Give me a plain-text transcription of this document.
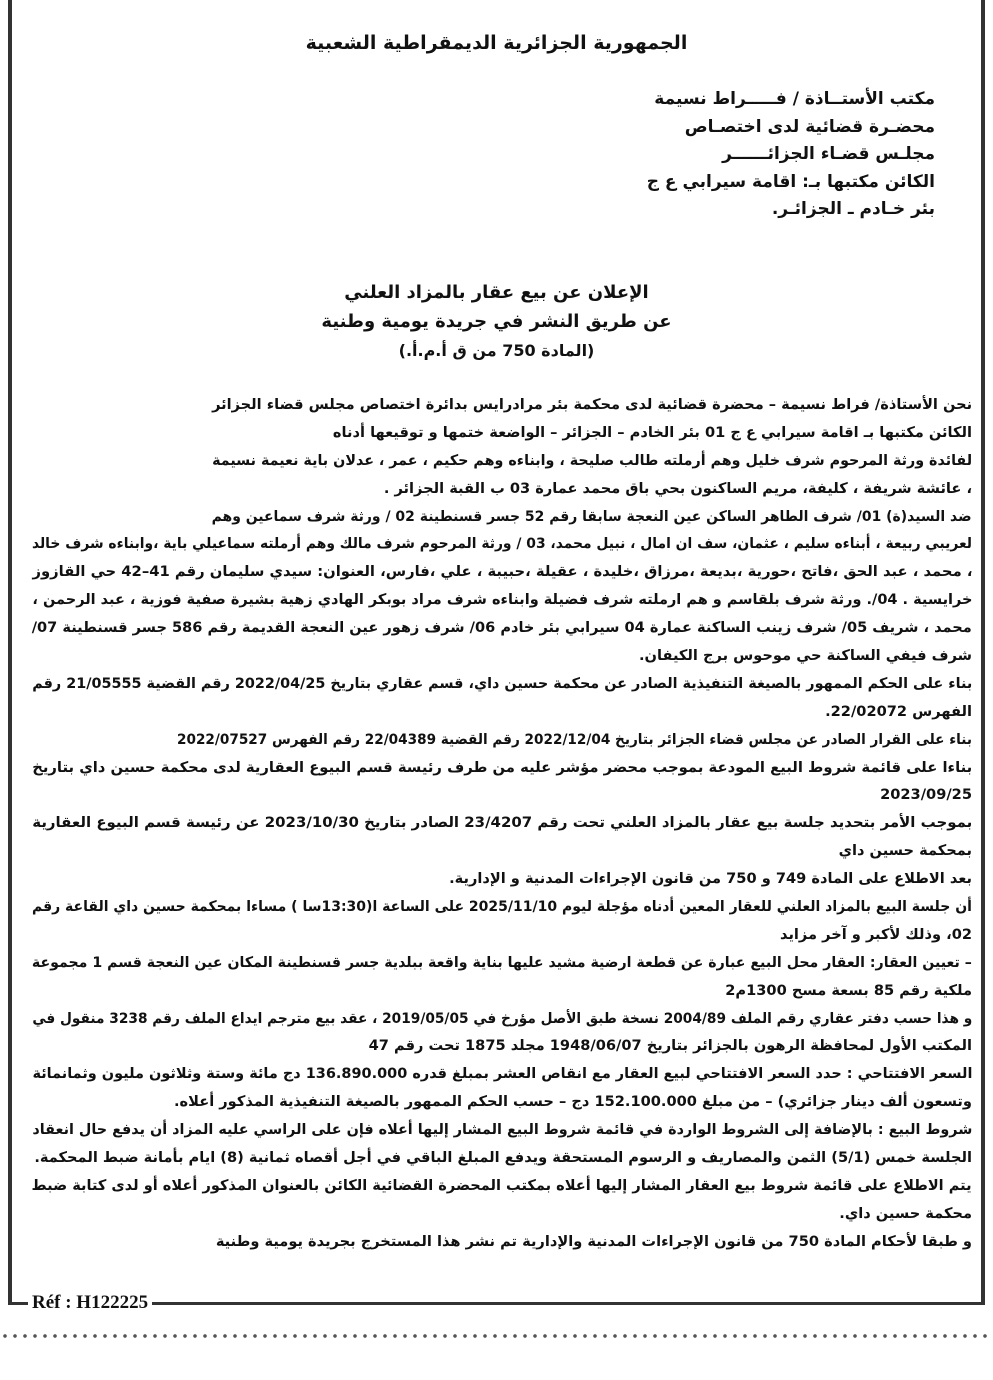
الجمهورية الجزائرية الديمقراطية الشعبية
مكتب الأستــاذة / فـــــراط نسيمة
محضـرة قضائية لدى اختصـاص
مجلـس قضـاء الجزائــــــر
الكائن مكتبها بـ: اقامة سيرابي ع ج
بئر خـادم ـ الجزائـر.
الإعلان عن بيع عقار بالمزاد العلني
عن طريق النشر في جريدة يومية وطنية
(المادة 750 من ق أ.م.أ.)
نحن الأستاذة/ فراط نسيمة – محضرة قضائية لدى محكمة بئر مرادرايس بدائرة اختصاص مجلس قضاء الجزائر
الكائن مكتبها بـ اقامة سيرابي ع ج 01 بئر الخادم – الجزائر – الواضعة ختمها و توقيعها أدناه
لفائدة ورثة المرحوم شرف خليل وهم أرملته طالب صليحة ، وابناءه وهم حكيم ، عمر ، عدلان باية نعيمة نسيمة
، عائشة شريفة ، كليفة، مريم الساكنون بحي باق محمد عمارة 03 ب القبة الجزائر .
ضد السيد(ة) 01/ شرف الطاهر الساكن عين النعجة سابقا رقم 52 جسر قسنطينة 02 / ورثة شرف سماعين وهم
لعريبي ربيعة ، أبناءه سليم ، عثمان، سف ان امال ، نبيل محمد، 03 / ورثة المرحوم شرف مالك وهم أرملته سماعيلي باية ،وابناءه شرف خالد
، محمد ، عبد الحق ،فاتح ،حورية ،بديعة ،مرزاق ،خليدة ، عقيلة ،حبيبة ، علي ،فارس، العنوان: سيدي سليمان رقم 41–42 حي القازوز
خرايسية . 04/. ورثة شرف بلقاسم و هم ارملته شرف فضيلة وابناءه شرف مراد بوبكر الهادي زهية بشيرة صفية فوزية ، عبد الرحمن ،
محمد ، شريف 05/ شرف زينب الساكنة عمارة 04 سيرابي بئر خادم 06/ شرف زهور عين النعجة القديمة رقم 586 جسر قسنطينة 07/
شرف فيفي الساكنة حي موحوس برج الكيفان.
بناء على الحكم الممهور بالصيغة التنفيذية الصادر عن محكمة حسين داي، قسم عقاري بتاريخ 2022/04/25 رقم القضية 21/05555 رقم
الفهرس 22/02072.
بناء على القرار الصادر عن مجلس قضاء الجزائر بتاريخ 2022/12/04 رقم القضية 22/04389 رقم الفهرس 2022/07527
بناءا على قائمة شروط البيع المودعة بموجب محضر مؤشر عليه من طرف رئيسة قسم البيوع العقارية لدى محكمة حسين داي بتاريخ
2023/09/25
بموجب الأمر بتحديد جلسة بيع عقار بالمزاد العلني تحت رقم 23/4207 الصادر بتاريخ 2023/10/30 عن رئيسة قسم البيوع العقارية
بمحكمة حسين داي
بعد الاطلاع على المادة 749 و 750 من قانون الإجراءات المدنية و الإدارية.
أن جلسة البيع بالمزاد العلني للعقار المعين أدناه مؤجلة ليوم 2025/11/10 على الساعة ا(13:30سا ) مساءا بمحكمة حسين داي القاعة رقم
02، وذلك لأكبر و آخر مزايد
– تعيين العقار: العقار محل البيع عبارة عن قطعة ارضية مشيد عليها بناية واقعة ببلدية جسر قسنطينة المكان عين النعجة قسم 1 مجموعة
ملكية رقم 85 بسعة مسح 1300م2
و هذا حسب دفتر عقاري رقم الملف 2004/89 نسخة طبق الأصل مؤرخ في 2019/05/05 ، عقد بيع مترجم ايداع الملف رقم 3238 منقول في
المكتب الأول لمحافظة الرهون بالجزائر بتاريخ 1948/06/07 مجلد 1875 تحت رقم 47
السعر الافتتاحي : حدد السعر الافتتاحي لبيع العقار مع انقاص العشر بمبلغ قدره 136.890.000 دج مائة وستة وثلاثون مليون وثمانمائة
وتسعون ألف دينار جزائري) – من مبلغ 152.100.000 دج – حسب الحكم الممهور بالصيغة التنفيذية المذكور أعلاه.
شروط البيع : بالإضافة إلى الشروط الواردة في قائمة شروط البيع المشار إليها أعلاه فإن على الراسي عليه المزاد أن يدفع حال انعقاد
الجلسة خمس (5/1) الثمن والمصاريف و الرسوم المستحقة ويدفع المبلغ الباقي في أجل أقصاه ثمانية (8) ايام بأمانة ضبط المحكمة.
يتم الاطلاع على قائمة شروط بيع العقار المشار إليها أعلاه بمكتب المحضرة القضائية الكائن بالعنوان المذكور أعلاه أو لدى كتابة ضبط
محكمة حسين داي.
و طبقا لأحكام المادة 750 من قانون الإجراءات المدنية والإدارية تم نشر هذا المستخرج بجريدة يومية وطنية
Réf : H122225
